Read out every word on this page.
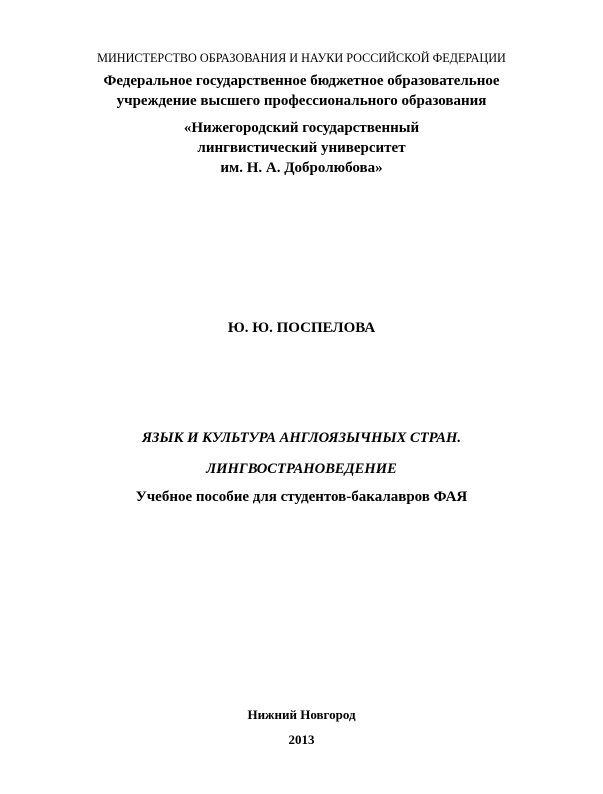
МИНИСТЕРСТВО ОБРАЗОВАНИЯ И НАУКИ РОССИЙСКОЙ ФЕДЕРАЦИИ
Федеральное государственное бюджетное образовательное
учреждение высшего профессионального образования
«Нижегородский государственный
лингвистический университет
им. Н. А. Добролюбова»
Ю. Ю. ПОСПЕЛОВА
ЯЗЫК И КУЛЬТУРА АНГЛОЯЗЫЧНЫХ СТРАН.
ЛИНГВОСТРАНОВЕДЕНИЕ
Учебное пособие для студентов-бакалавров ФАЯ
Нижний Новгород
2013
